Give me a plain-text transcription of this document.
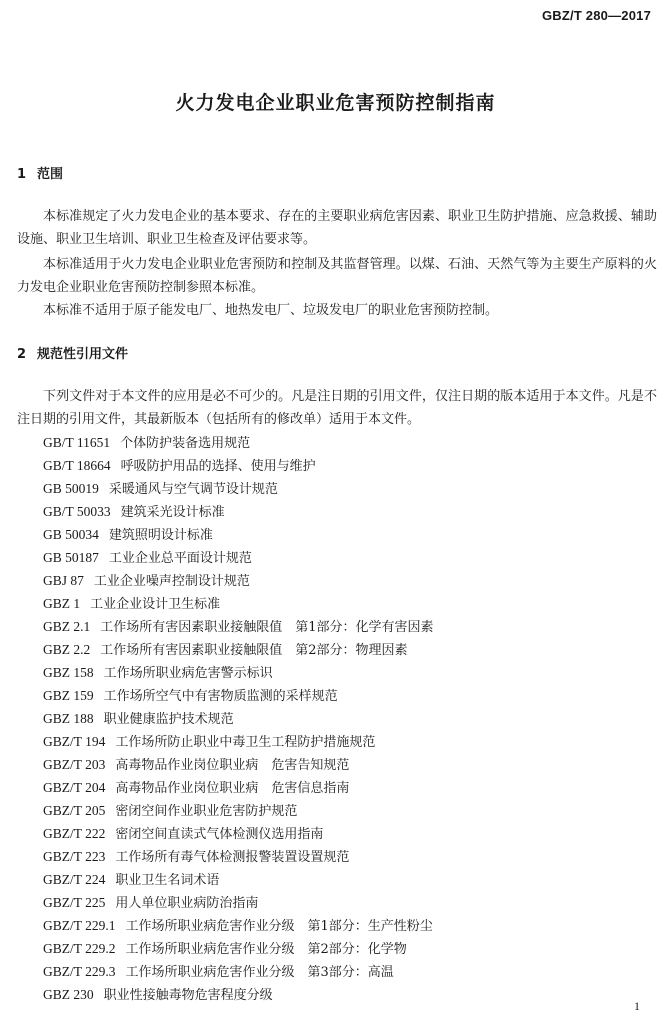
GBZ/T 280—2017
火力发电企业职业危害预防控制指南
1 范围

本标准规定了火力发电企业的基本要求、存在的主要职业病危害因素、职业卫生防护措施、应急救援、辅助设施、职业卫生培训、职业卫生检查及评估要求等。

本标准适用于火力发电企业职业危害预防和控制及其监督管理。以煤、石油、天然气等为主要生产原料的火力发电企业职业危害预防控制参照本标准。

本标准不适用于原子能发电厂、地热发电厂、垃圾发电厂的职业危害预防控制。

2 规范性引用文件

下列文件对于本文件的应用是必不可少的。凡是注日期的引用文件，仅注日期的版本适用于本文件。凡是不注日期的引用文件，其最新版本（包括所有的修改单）适用于本文件。

GB/T 11651 个体防护装备选用规范
GB/T 18664 呼吸防护用品的选择、使用与维护
GB 50019 采暖通风与空气调节设计规范
GB/T 50033 建筑采光设计标准
GB 50034 建筑照明设计标准
GB 50187 工业企业总平面设计规范
GBJ 87 工业企业噪声控制设计规范
GBZ 1 工业企业设计卫生标准
GBZ 2.1 工作场所有害因素职业接触限值　第1部分：化学有害因素
GBZ 2.2 工作场所有害因素职业接触限值　第2部分：物理因素
GBZ 158 工作场所职业病危害警示标识
GBZ 159 工作场所空气中有害物质监测的采样规范
GBZ 188 职业健康监护技术规范
GBZ/T 194 工作场所防止职业中毒卫生工程防护措施规范
GBZ/T 203 高毒物品作业岗位职业病　危害告知规范
GBZ/T 204 高毒物品作业岗位职业病　危害信息指南
GBZ/T 205 密闭空间作业职业危害防护规范
GBZ/T 222 密闭空间直读式气体检测仪选用指南
GBZ/T 223 工作场所有毒气体检测报警装置设置规范
GBZ/T 224 职业卫生名词术语
GBZ/T 225 用人单位职业病防治指南
GBZ/T 229.1 工作场所职业病危害作业分级　第1部分：生产性粉尘
GBZ/T 229.2 工作场所职业病危害作业分级　第2部分：化学物
GBZ/T 229.3 工作场所职业病危害作业分级　第3部分：高温
GBZ 230 职业性接触毒物危害程度分级
1
